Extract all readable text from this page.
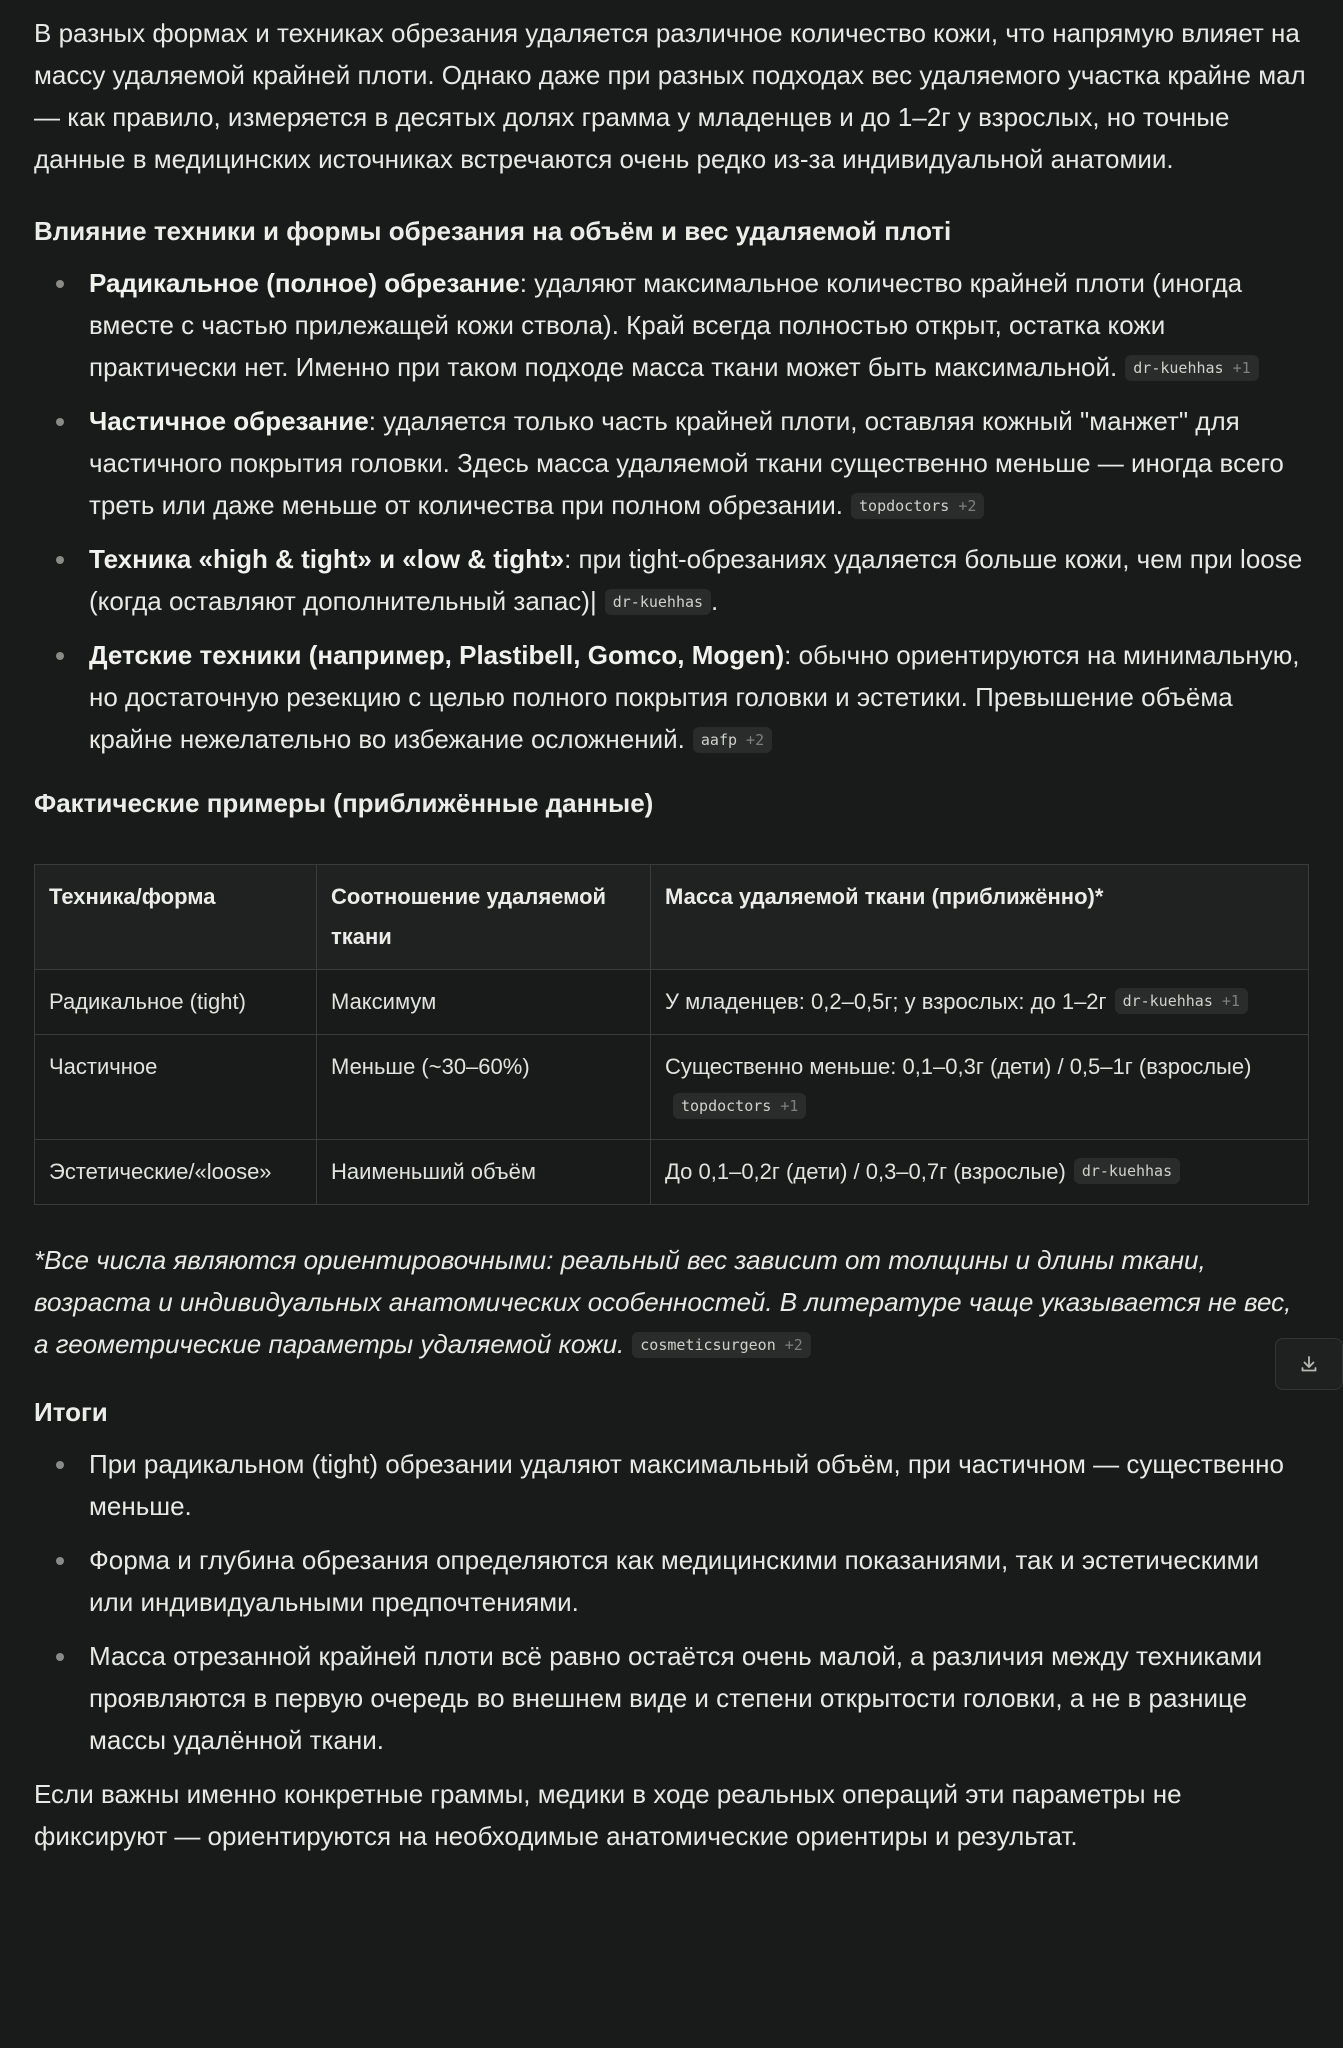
В разных формах и техниках обрезания удаляется различное количество кожи, что напрямую влияет на массу удаляемой крайней плоти. Однако даже при разных подходах вес удаляемого участка крайне мал — как правило, измеряется в десятых долях грамма у младенцев и до 1–2г у взрослых, но точные данные в медицинских источниках встречаются очень редко из-за индивидуальной анатомии.

Влияние техники и формы обрезания на объём и вес удаляемой плоті
Радикальное (полное) обрезание: удаляют максимальное количество крайней плоти (иногда вместе с частью прилежащей кожи ствола). Край всегда полностью открыт, остатка кожи практически нет. Именно при таком подходе масса ткани может быть максимальной. dr-kuehhas +1
Частичное обрезание: удаляется только часть крайней плоти, оставляя кожный "манжет" для частичного покрытия головки. Здесь масса удаляемой ткани существенно меньше — иногда всего треть или даже меньше от количества при полном обрезании. topdoctors +2
Техника «high & tight» и «low & tight»: при tight-обрезаниях удаляется больше кожи, чем при loose (когда оставляют дополнительный запас)| dr-kuehhas .
Детские техники (например, Plastibell, Gomco, Mogen): обычно ориентируются на минимальную, но достаточную резекцию с целью полного покрытия головки и эстетики. Превышение объёма крайне нежелательно во избежание осложнений. aafp +2
Фактические примеры (приближённые данные)
Техника/форма	Соотношение удаляемой ткани	Масса удаляемой ткани (приближённо)*
Радикальное (tight)	Максимум	У младенцев: 0,2–0,5г; у взрослых: до 1–2г dr-kuehhas +1
Частичное	Меньше (~30–60%)	Существенно меньше: 0,1–0,3г (дети) / 0,5–1г (взрослые)topdoctors +1
Эстетические/«loose»	Наименьший объём	До 0,1–0,2г (дети) / 0,3–0,7г (взрослые) dr-kuehhas

*Все числа являются ориентировочными: реальный вес зависит от толщины и длины ткани, возраста и индивидуальных анатомических особенностей. В литературе чаще указывается не вес, а геометрические параметры удаляемой кожи. cosmeticsurgeon +2

Итоги
При радикальном (tight) обрезании удаляют максимальный объём, при частичном — существенно меньше.
Форма и глубина обрезания определяются как медицинскими показаниями, так и эстетическими или индивидуальными предпочтениями.
Масса отрезанной крайней плоти всё равно остаётся очень малой, а различия между техниками проявляются в первую очередь во внешнем виде и степени открытости головки, а не в разнице массы удалённой ткани.

Если важны именно конкретные граммы, медики в ходе реальных операций эти параметры не фиксируют — ориентируются на необходимые анатомические ориентиры и результат.
